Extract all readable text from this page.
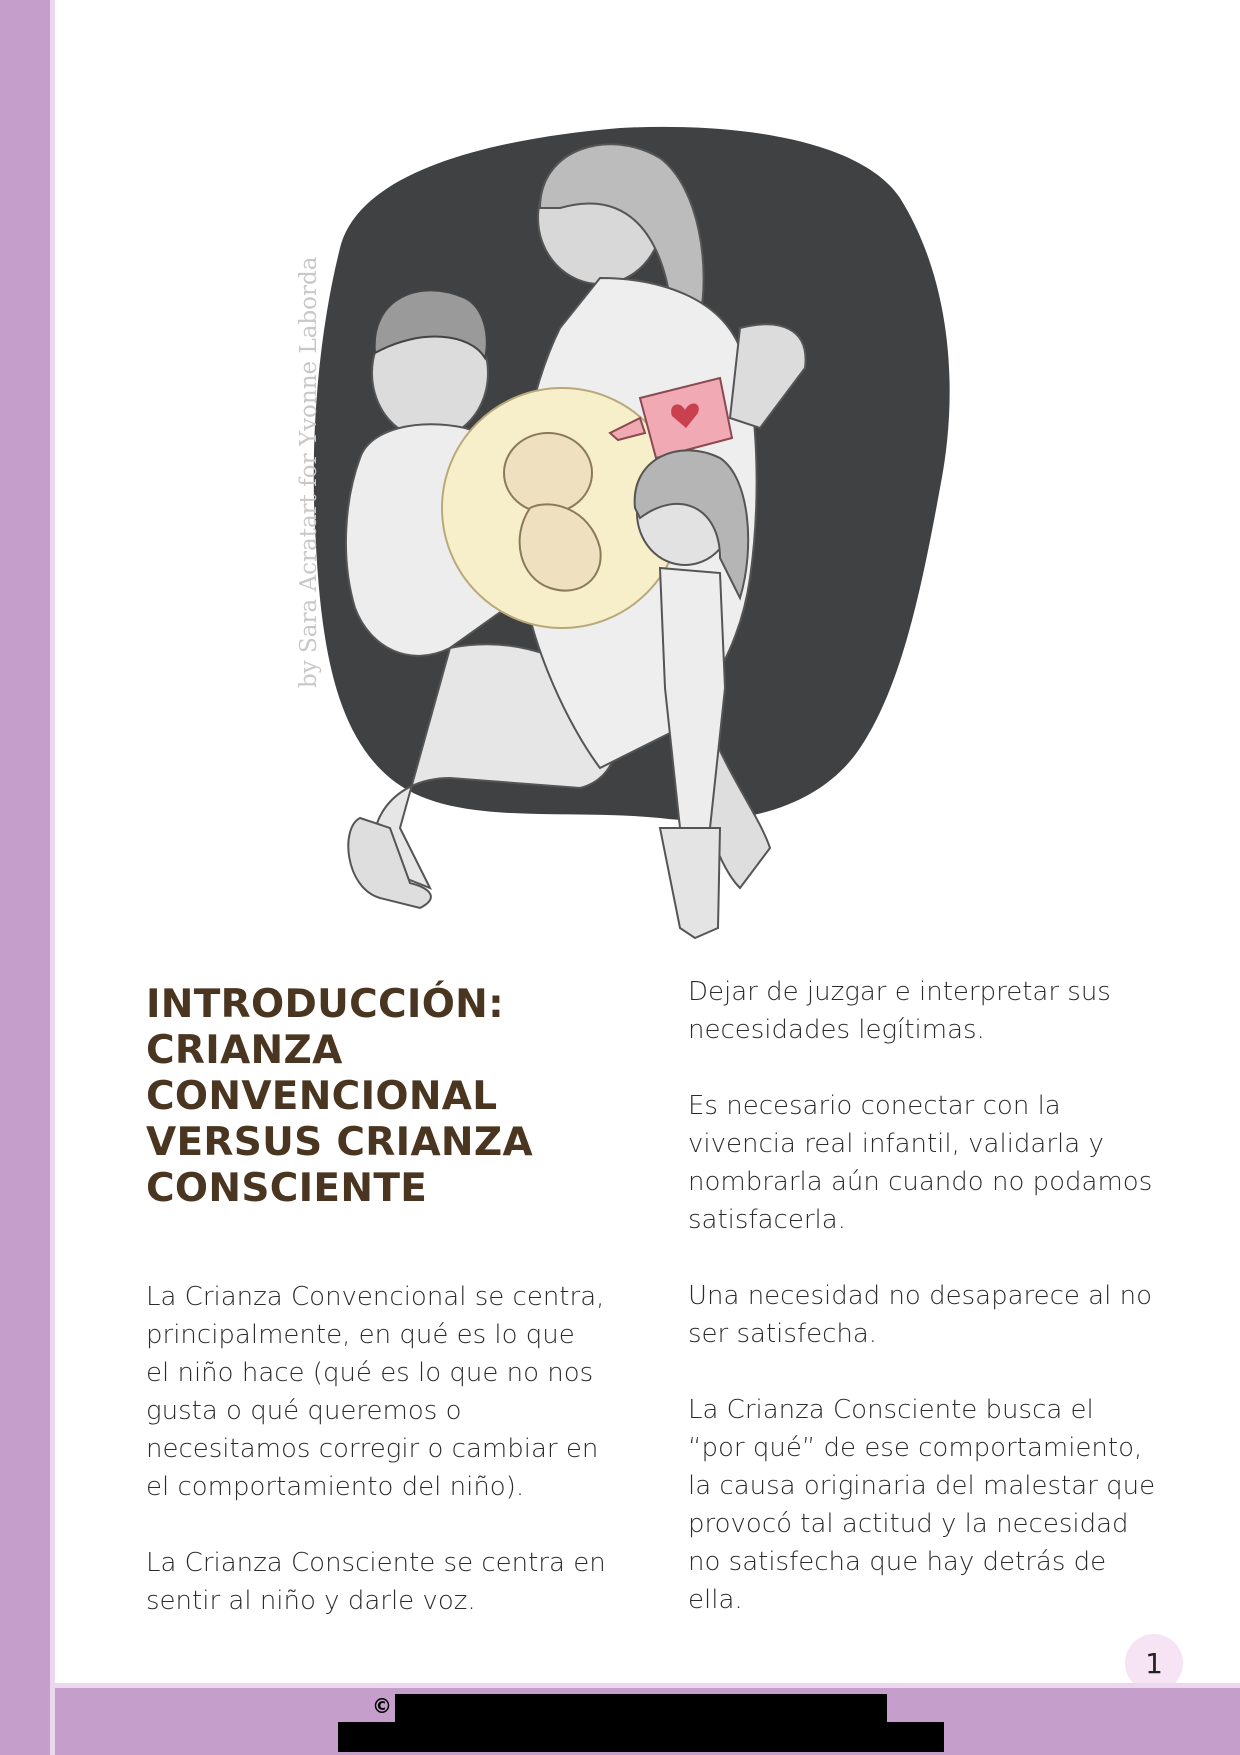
by Sara Acratart for Yvonne Laborda
INTRODUCCIÓN:
CRIANZA
CONVENCIONAL
VERSUS CRIANZA
CONSCIENTE

La Crianza Convencional se centra, principalmente, en qué es lo que el niño hace (qué es lo que no nos gusta o qué queremos o necesitamos corregir o cambiar en el comportamiento del niño).

La Crianza Consciente se centra en sentir al niño y darle voz.

Dejar de juzgar e interpretar sus necesidades legítimas.

Es necesario conectar con la vivencia real infantil, validarla y nombrarla aún cuando no podamos satisfacerla.

Una necesidad no desaparece al no ser satisfecha.

La Crianza Consciente busca el “por qué” de ese comportamiento, la causa originaria del malestar que provocó tal actitud y la necesidad no satisfecha que hay detrás de ella.

1
©
